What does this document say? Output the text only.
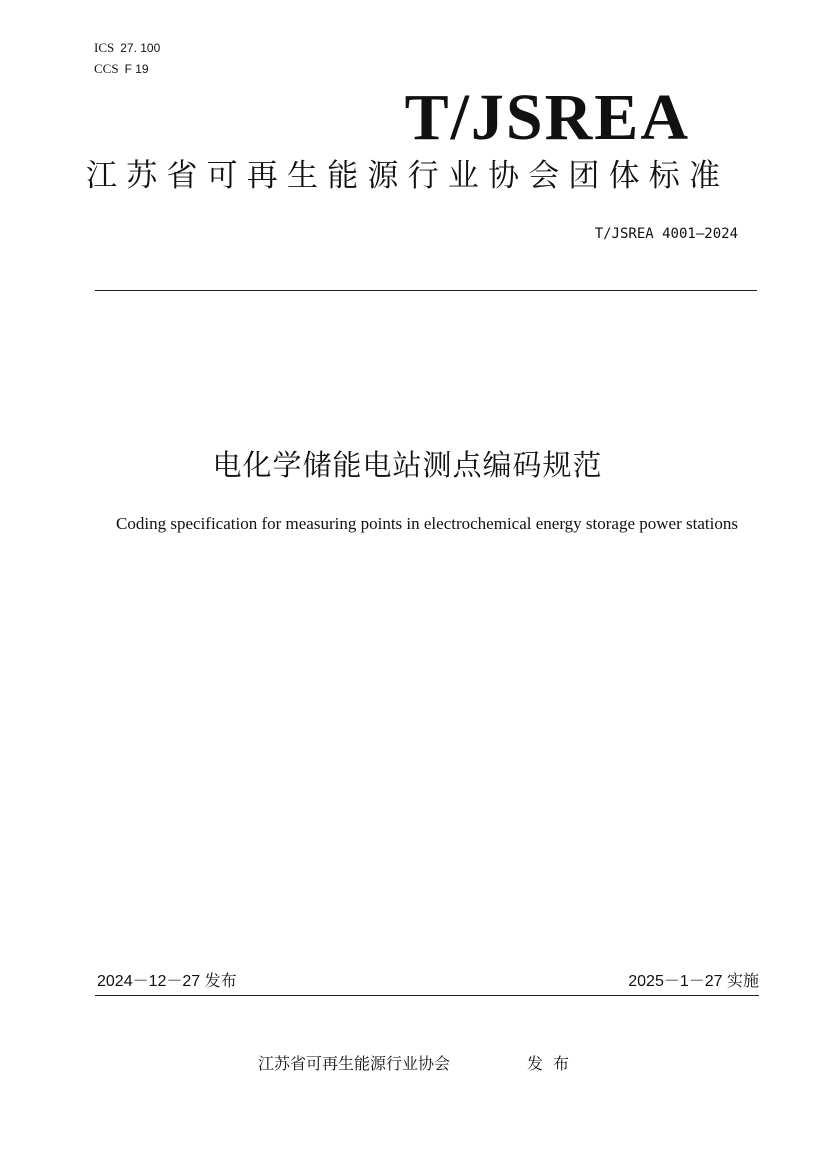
ICS 27. 100
CCS F 19
T/JSREA
江苏省可再生能源行业协会团体标准
T/JSREA 4001—2024
电化学储能电站测点编码规范
Coding specification for measuring points in electrochemical energy storage power stations
2024－12－27 发布	2025－1－27 实施
江苏省可再生能源行业协会	发布
